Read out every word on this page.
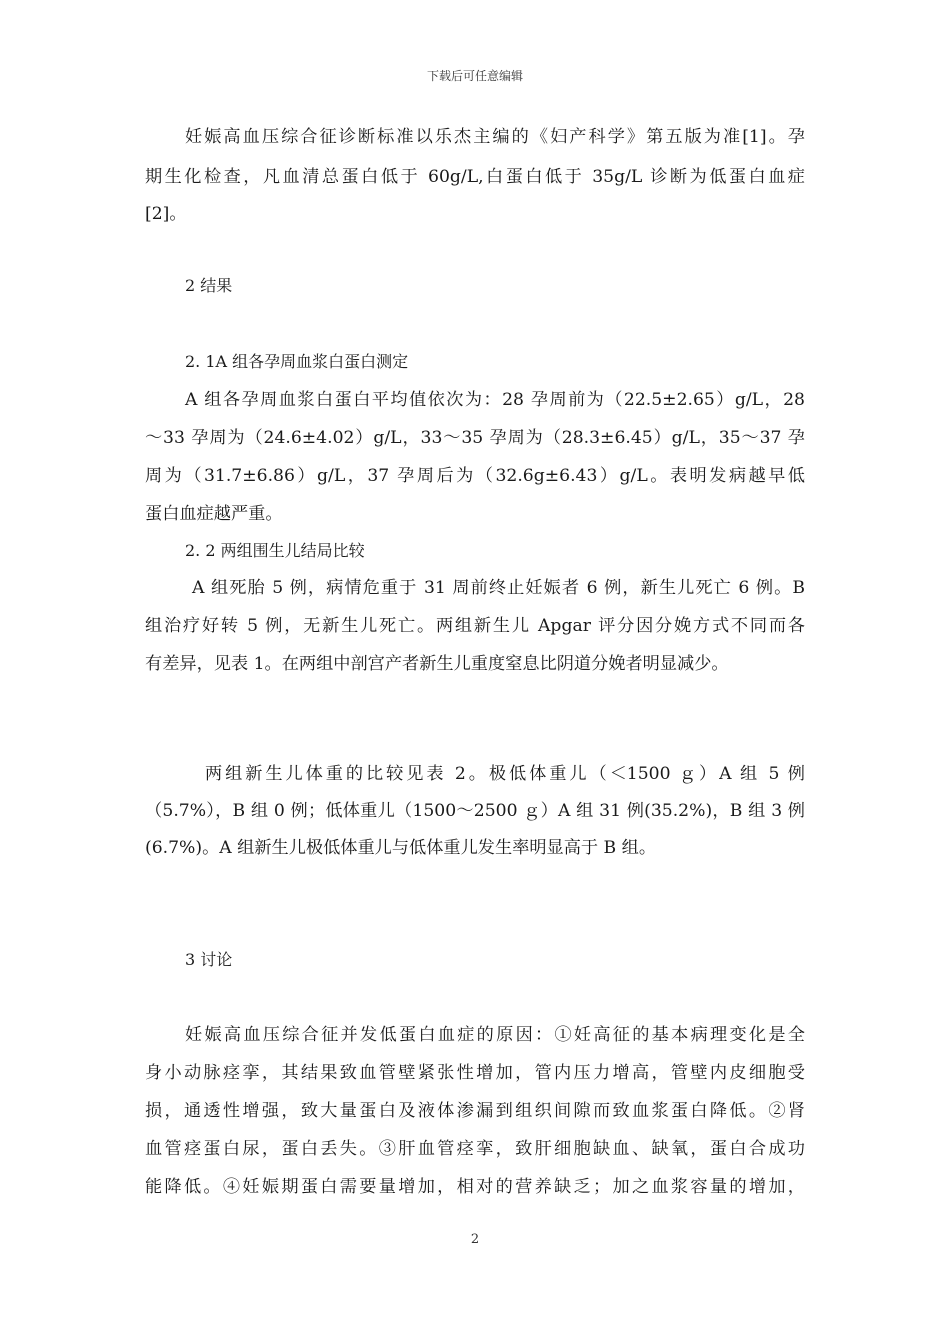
下载后可任意编辑
妊娠高血压综合征诊断标准以乐杰主编的《妇产科学》第五版为准[1]。孕
期生化检查，凡血清总蛋白低于 60g/L,白蛋白低于 35g/L 诊断为低蛋白血症
[2]。
2 结果
2. 1A 组各孕周血浆白蛋白测定
A 组各孕周血浆白蛋白平均值依次为：28 孕周前为（22.5±2.65）g/L，28
～33 孕周为（24.6±4.02）g/L，33～35 孕周为（28.3±6.45）g/L，35～37 孕
周为（31.7±6.86）g/L，37 孕周后为（32.6g±6.43）g/L。表明发病越早低
蛋白血症越严重。
2. 2 两组围生儿结局比较
A 组死胎 5 例，病情危重于 31 周前终止妊娠者 6 例，新生儿死亡 6 例。B
组治疗好转 5 例，无新生儿死亡。两组新生儿 Apgar 评分因分娩方式不同而各
有差异，见表 1。在两组中剖宫产者新生儿重度窒息比阴道分娩者明显减少。
两组新生儿体重的比较见表 2。极低体重儿（＜1500 ｇ）A 组 5 例
（5.7%），B 组 0 例；低体重儿（1500～2500 ｇ）A 组 31 例(35.2%)，B 组 3 例
(6.7%)。A 组新生儿极低体重儿与低体重儿发生率明显高于 B 组。
3 讨论
妊娠高血压综合征并发低蛋白血症的原因：①妊高征的基本病理变化是全
身小动脉痉挛，其结果致血管壁紧张性增加，管内压力增高，管壁内皮细胞受
损，通透性增强，致大量蛋白及液体渗漏到组织间隙而致血浆蛋白降低。②肾
血管痉蛋白尿，蛋白丢失。③肝血管痉挛，致肝细胞缺血、缺氧，蛋白合成功
能降低。④妊娠期蛋白需要量增加，相对的营养缺乏；加之血浆容量的增加，
2
